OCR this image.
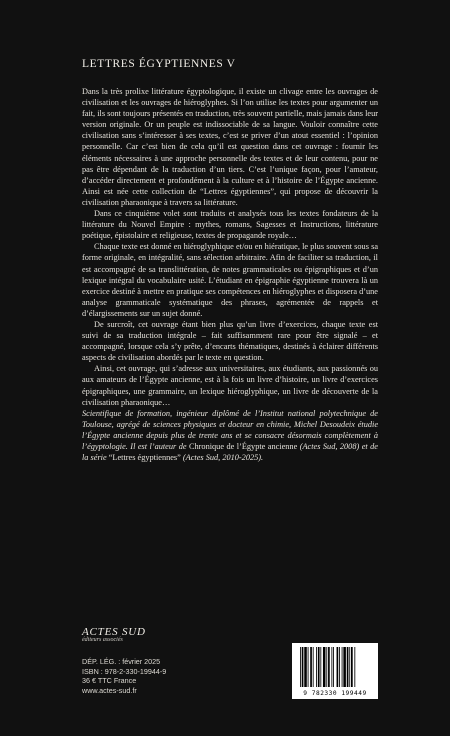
LETTRES ÉGYPTIENNES V

Dans la très prolixe littérature égyptologique, il existe un clivage entre les ouvrages de civilisation et les ouvrages de hiéroglyphes. Si l’on utilise les textes pour argumenter un fait, ils sont toujours présentés en traduction, très souvent partielle, mais jamais dans leur version originale. Or un peuple est indissociable de sa langue. Vouloir connaître cette civilisation sans s’intéresser à ses textes, c’est se priver d’un atout essentiel : l’opinion personnelle. Car c’est bien de cela qu’il est question dans cet ouvrage : fournir les éléments nécessaires à une approche personnelle des textes et de leur contenu, pour ne pas être dépendant de la traduction d’un tiers. C’est l’unique façon, pour l’amateur, d’accéder directement et profondément à la culture et à l’histoire de l’Égypte ancienne. Ainsi est née cette collection de “Lettres égyptiennes”, qui propose de découvrir la civilisation pharaonique à travers sa littérature.

Dans ce cinquième volet sont traduits et analysés tous les textes fondateurs de la littérature du Nouvel Empire : mythes, romans, Sagesses et Instructions, littérature poétique, épistolaire et religieuse, textes de propagande royale…

Chaque texte est donné en hiéroglyphique et/ou en hiératique, le plus souvent sous sa forme originale, en intégralité, sans sélection arbitraire. Afin de faciliter sa traduction, il est accompagné de sa translittération, de notes grammaticales ou épigraphiques et d’un lexique intégral du vocabulaire usité. L’étudiant en épigraphie égyptienne trouvera là un exercice destiné à mettre en pratique ses compétences en hiéroglyphes et disposera d’une analyse grammaticale systématique des phrases, agrémentée de rappels et d’élargissements sur un sujet donné.

De surcroît, cet ouvrage étant bien plus qu’un livre d’exercices, chaque texte est suivi de sa traduction intégrale – fait suffisamment rare pour être signalé – et accompagné, lorsque cela s’y prête, d’encarts thématiques, destinés à éclairer différents aspects de civilisation abordés par le texte en question.

Ainsi, cet ouvrage, qui s’adresse aux universitaires, aux étudiants, aux passionnés ou aux amateurs de l’Égypte ancienne, est à la fois un livre d’histoire, un livre d’exercices épigraphiques, une grammaire, un lexique hiéroglyphique, un livre de découverte de la civilisation pharaonique…

Scientifique de formation, ingénieur diplômé de l’Institut national polytechnique de Toulouse, agrégé de sciences physiques et docteur en chimie, Michel Desoudeix étudie l’Égypte ancienne depuis plus de trente ans et se consacre désormais complètement à l’égyptologie. Il est l’auteur de Chronique de l’Égypte ancienne (Actes Sud, 2008) et de la série “Lettres égyptiennes” (Actes Sud, 2010-2025).

ACTES SUD
éditeurs associés
DÉP. LÉG. : février 2025
ISBN : 978-2-330-19944-9
36 € TTC France
www.actes-sud.fr	9 782330 199449
